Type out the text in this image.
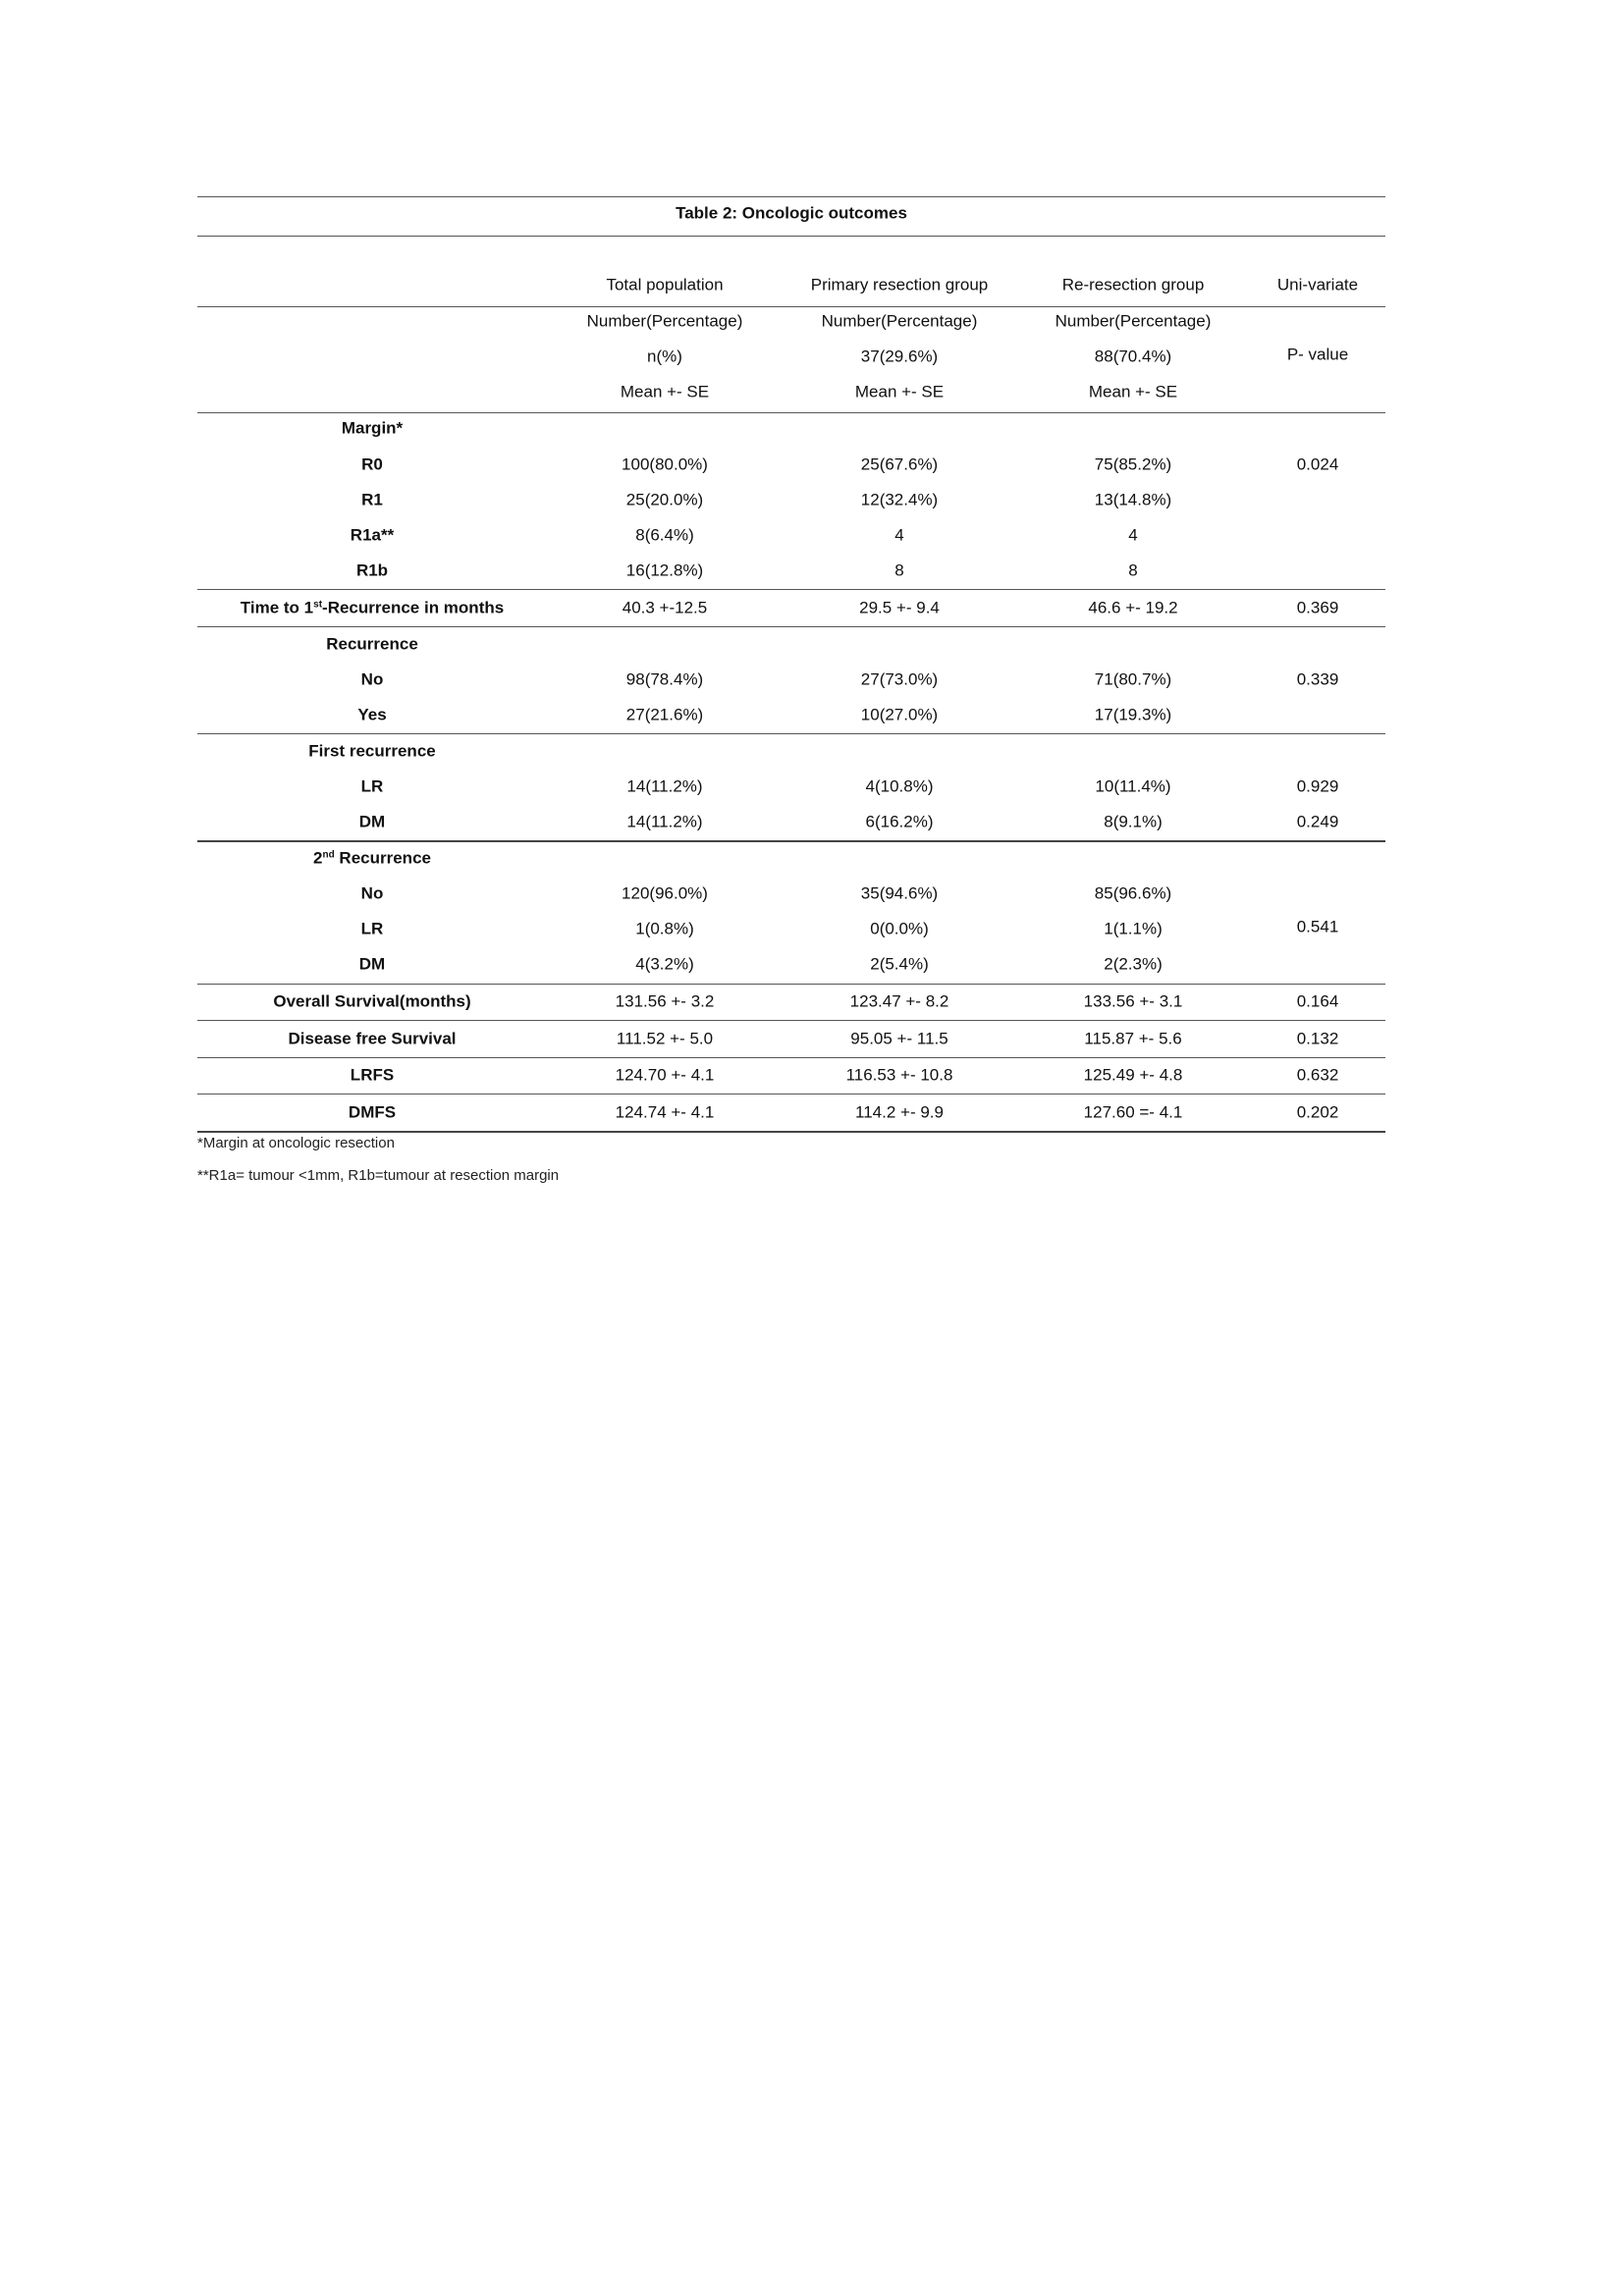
Table 2: Oncologic outcomes
Total population	Primary resection group	Re-resection group	Uni-variate
Number(Percentage)	Number(Percentage)	Number(Percentage)
n(%)	37(29.6%)	88(70.4%)	P- value
Mean +- SE	Mean +- SE	Mean +- SE
Margin*
R0	100(80.0%)	25(67.6%)	75(85.2%)	0.024
R1	25(20.0%)	12(32.4%)	13(14.8%)
R1a**	8(6.4%)	4	4
R1b	16(12.8%)	8	8
Time to 1st-Recurrence in months	40.3 +-12.5	29.5 +- 9.4	46.6 +- 19.2	0.369
Recurrence
No	98(78.4%)	27(73.0%)	71(80.7%)	0.339
Yes	27(21.6%)	10(27.0%)	17(19.3%)
First recurrence
LR	14(11.2%)	4(10.8%)	10(11.4%)	0.929
DM	14(11.2%)	6(16.2%)	8(9.1%)	0.249
2nd Recurrence
No	120(96.0%)	35(94.6%)	85(96.6%)
LR	1(0.8%)	0(0.0%)	1(1.1%)	0.541
DM	4(3.2%)	2(5.4%)	2(2.3%)
Overall Survival(months)	131.56 +- 3.2	123.47 +- 8.2	133.56 +- 3.1	0.164
Disease free Survival	111.52 +- 5.0	95.05 +- 11.5	115.87 +- 5.6	0.132
LRFS	124.70 +- 4.1	116.53 +- 10.8	125.49 +- 4.8	0.632
DMFS	124.74 +- 4.1	114.2 +- 9.9	127.60 =- 4.1	0.202
*Margin at oncologic resection
**R1a= tumour <1mm, R1b=tumour at resection margin
